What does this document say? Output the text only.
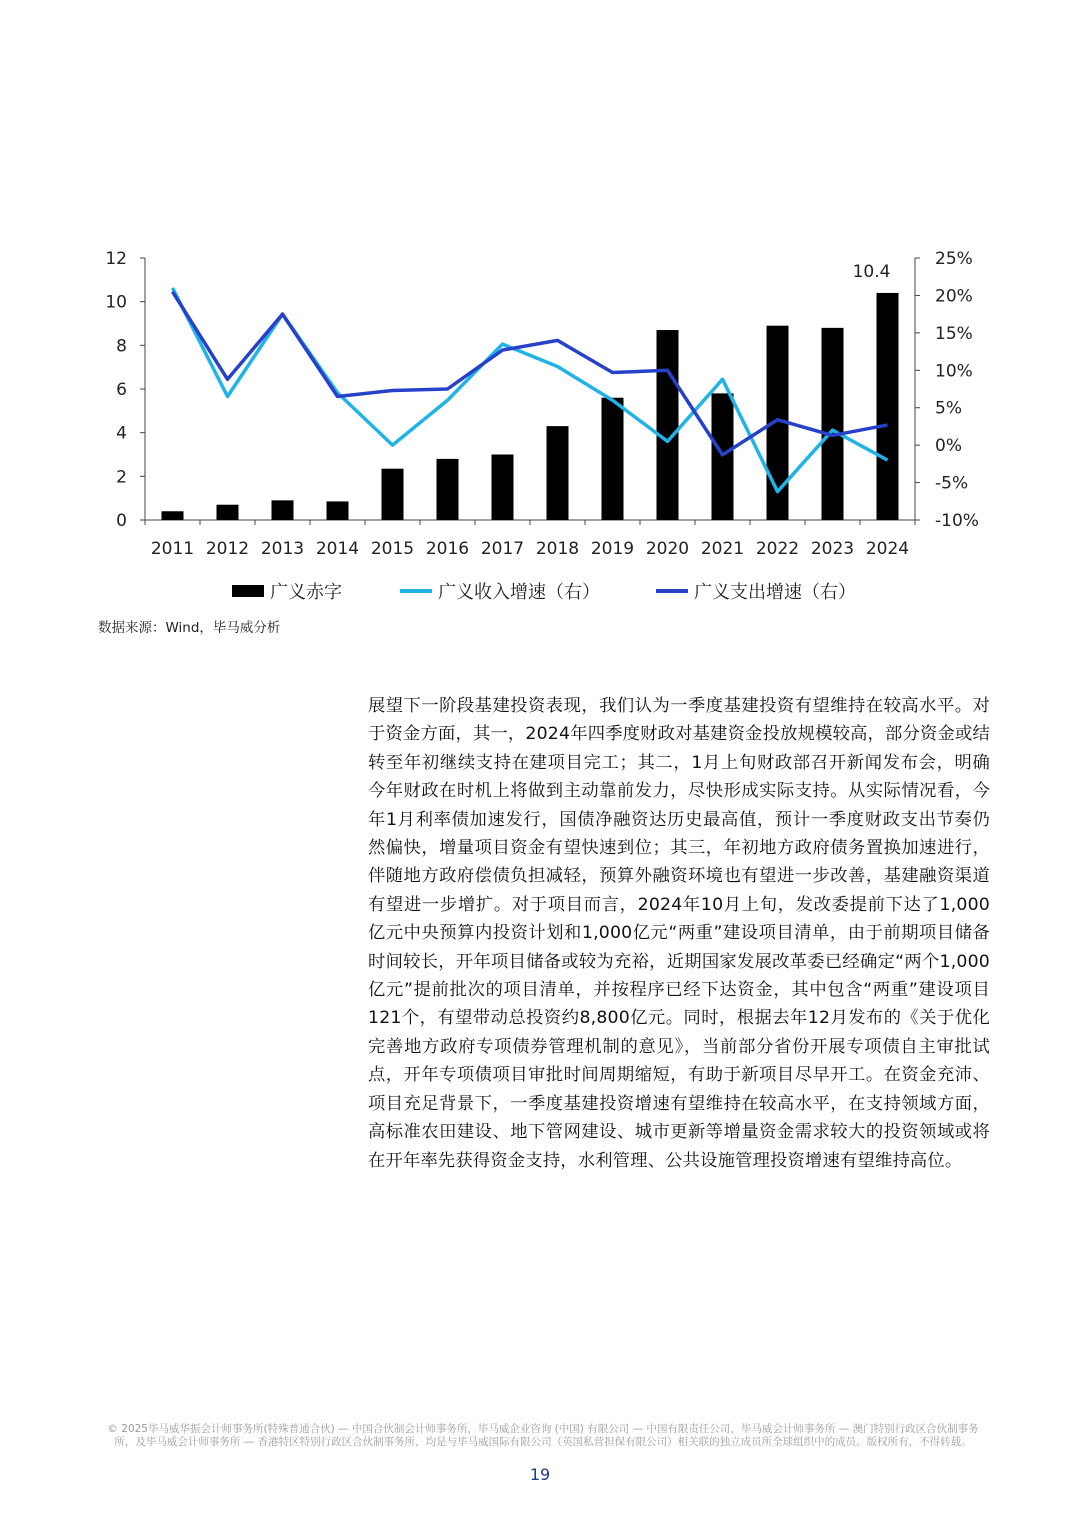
0
2
4
6
8
10
12
-10%
-5%
0%
5%
10%
15%
20%
25%
2011 2012 2013 2014 2015 2016 2017 2018 2019 2020 2021 2022 2023 2024
10.4
广义赤字	广义收入增速（右）	广义支出增速（右）
数据来源：Wind，毕马威分析
展望下一阶段基建投资表现，我们认为一季度基建投资有望维持在较高水平。对于资金方面，其一，2024年四季度财政对基建资金投放规模较高，部分资金或结转至年初继续支持在建项目完工；其二，1月上旬财政部召开新闻发布会，明确今年财政在时机上将做到主动靠前发力，尽快形成实际支持。从实际情况看，今年1月利率债加速发行，国债净融资达历史最高值，预计一季度财政支出节奏仍然偏快，增量项目资金有望快速到位；其三，年初地方政府债务置换加速进行，伴随地方政府偿债负担减轻，预算外融资环境也有望进一步改善，基建融资渠道有望进一步增扩。对于项目而言，2024年10月上旬，发改委提前下达了1,000亿元中央预算内投资计划和1,000亿元“两重”建设项目清单，由于前期项目储备时间较长，开年项目储备或较为充裕，近期国家发展改革委已经确定“两个1,000亿元”提前批次的项目清单，并按程序已经下达资金，其中包含“两重”建设项目121个，有望带动总投资约8,800亿元。同时，根据去年12月发布的《关于优化完善地方政府专项债券管理机制的意见》，当前部分省份开展专项债自主审批试点，开年专项债项目审批时间周期缩短，有助于新项目尽早开工。在资金充沛、项目充足背景下，一季度基建投资增速有望维持在较高水平，在支持领域方面，高标准农田建设、地下管网建设、城市更新等增量资金需求较大的投资领域或将在开年率先获得资金支持，水利管理、公共设施管理投资增速有望维持高位。
© 2025毕马威华振会计师事务所(特殊普通合伙) — 中国合伙制会计师事务所，毕马威企业咨询 (中国) 有限公司 — 中国有限责任公司，毕马威会计师事务所 — 澳门特别行政区合伙制事务所，及毕马威会计师事务所 — 香港特区特别行政区合伙制事务所，均是与毕马威国际有限公司（英国私营担保有限公司）相关联的独立成员所全球组织中的成员。版权所有，不得转载。
19
